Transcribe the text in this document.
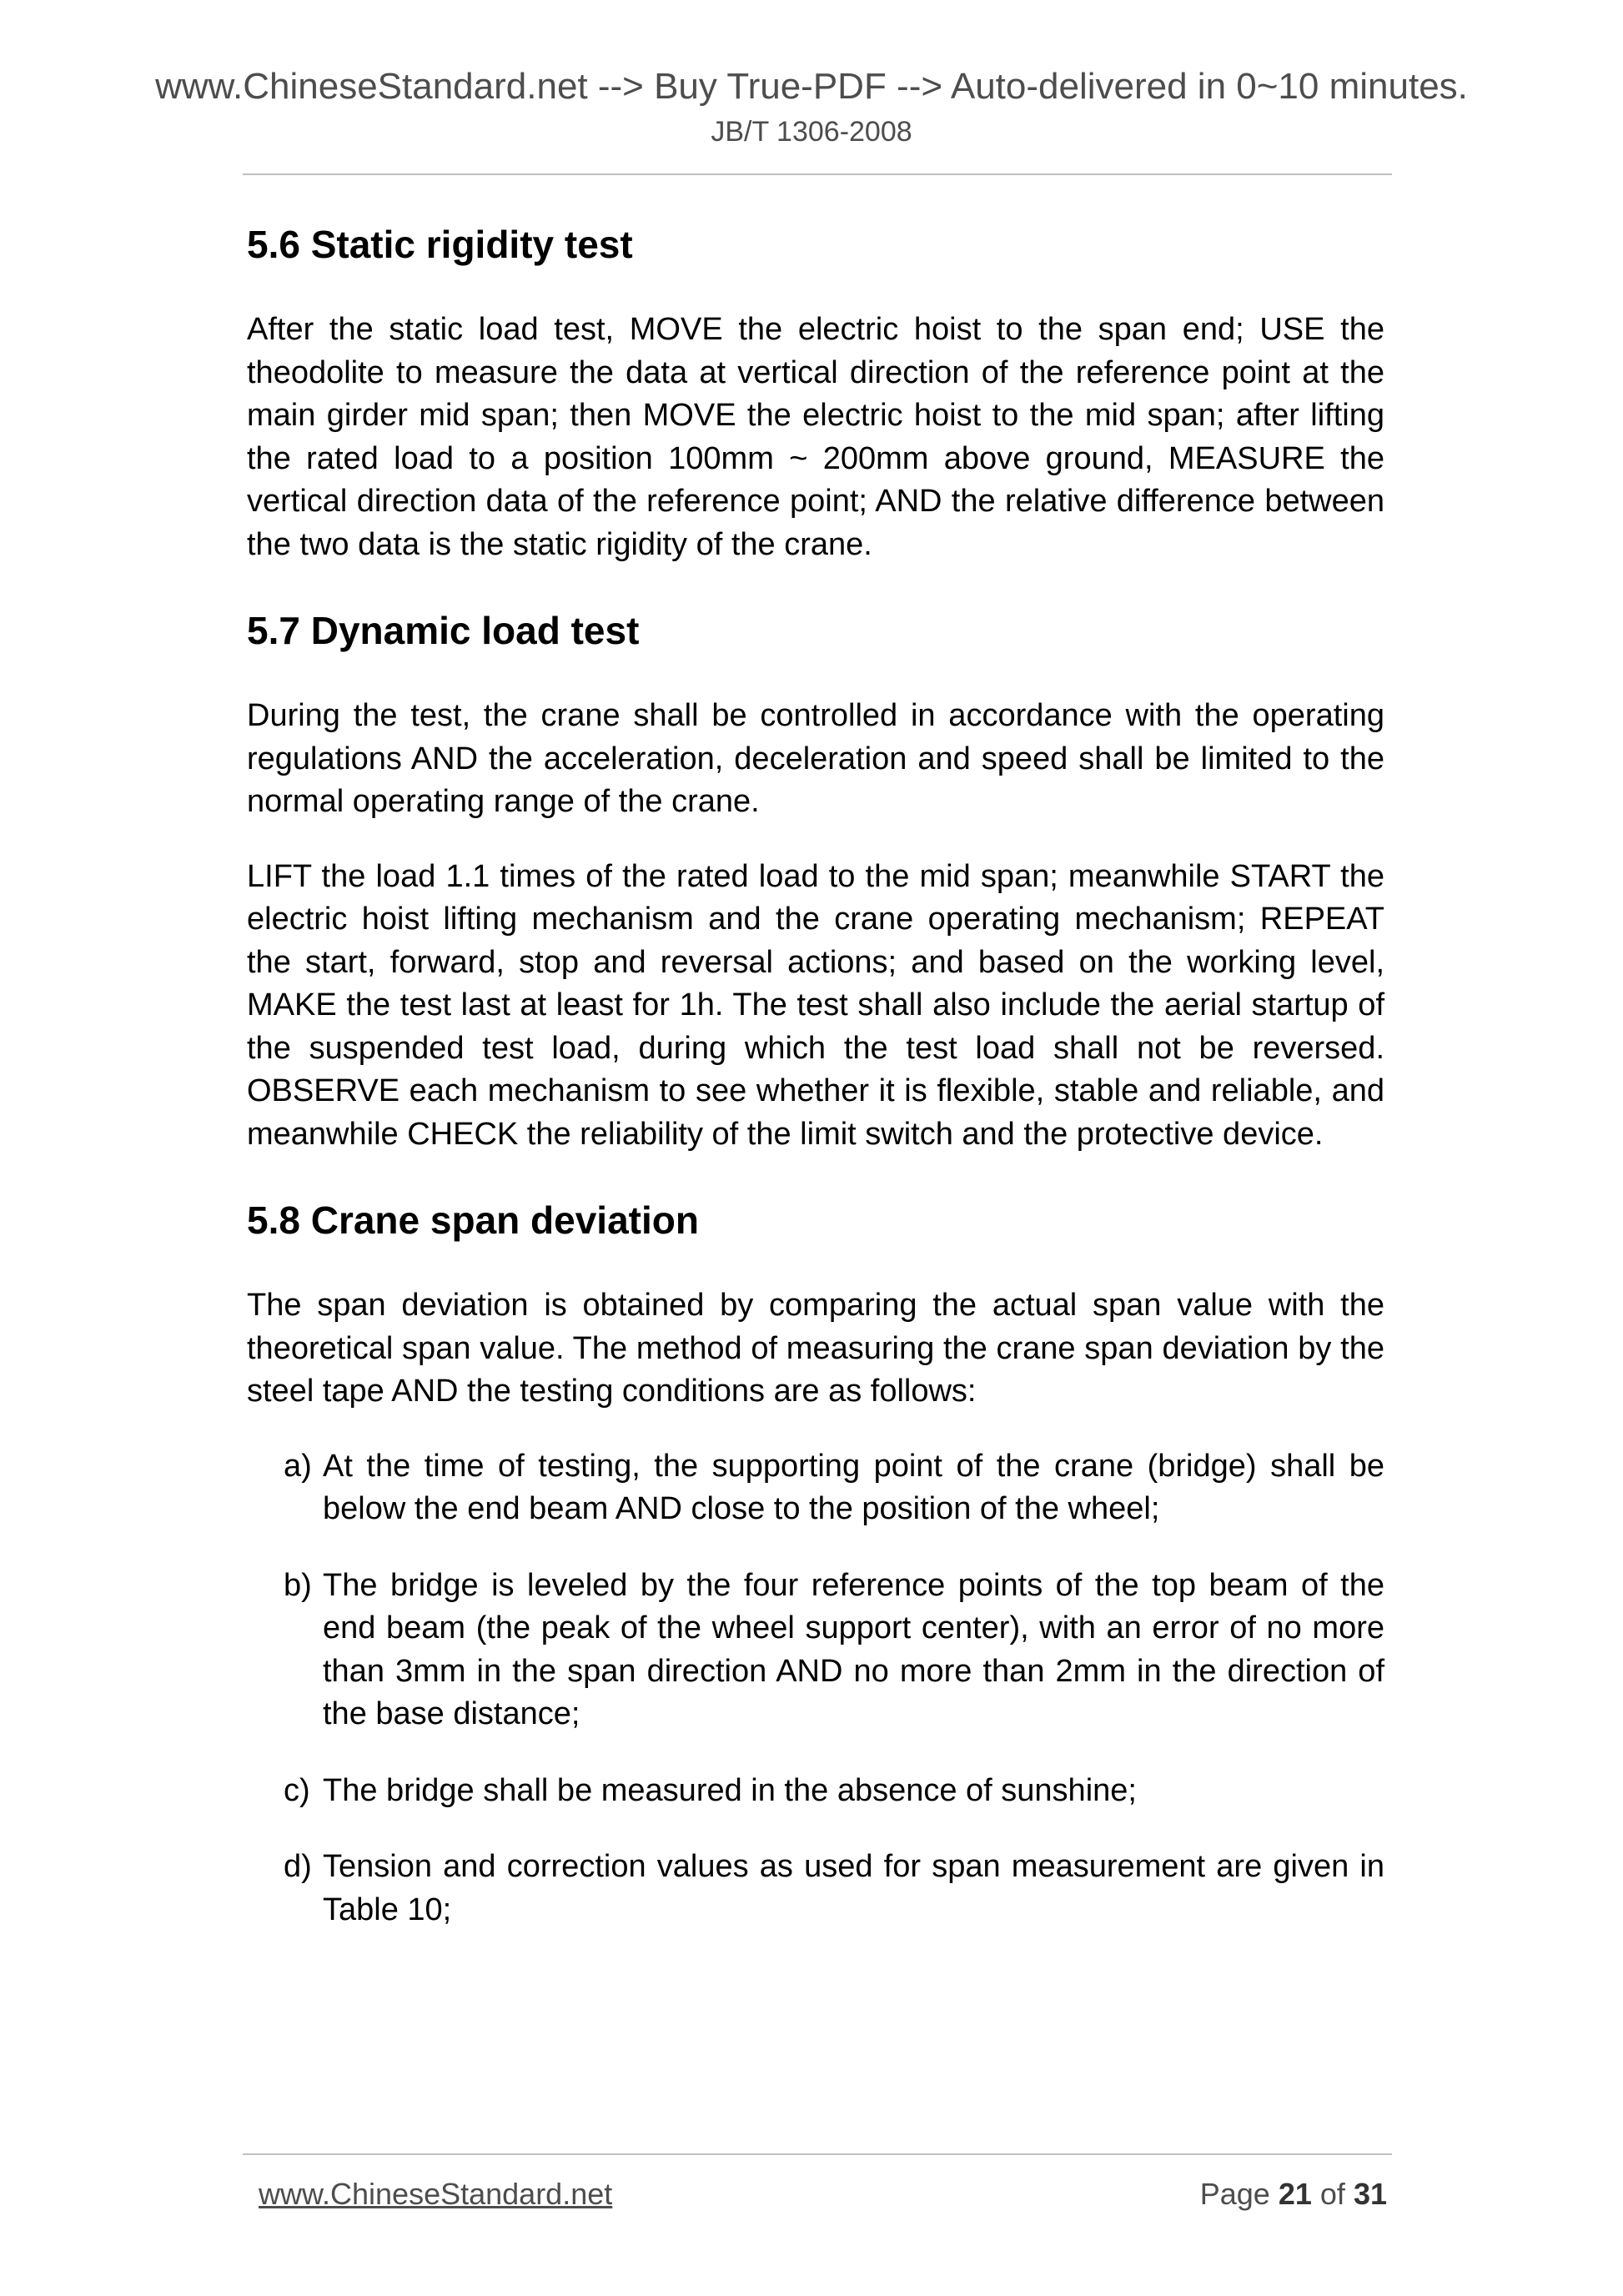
www.ChineseStandard.net --> Buy True-PDF --> Auto-delivered in 0~10 minutes.
JB/T 1306-2008
5.6 Static rigidity test

After the static load test, MOVE the electric hoist to the span end; USE the theodolite to measure the data at vertical direction of the reference point at the main girder mid span; then MOVE the electric hoist to the mid span; after lifting the rated load to a position 100mm ~ 200mm above ground, MEASURE the vertical direction data of the reference point; AND the relative difference between the two data is the static rigidity of the crane.

5.7 Dynamic load test

During the test, the crane shall be controlled in accordance with the operating regulations AND the acceleration, deceleration and speed shall be limited to the normal operating range of the crane.

LIFT the load 1.1 times of the rated load to the mid span; meanwhile START the electric hoist lifting mechanism and the crane operating mechanism; REPEAT the start, forward, stop and reversal actions; and based on the working level, MAKE the test last at least for 1h. The test shall also include the aerial startup of the suspended test load, during which the test load shall not be reversed. OBSERVE each mechanism to see whether it is flexible, stable and reliable, and meanwhile CHECK the reliability of the limit switch and the protective device.

5.8 Crane span deviation

The span deviation is obtained by comparing the actual span value with the theoretical span value. The method of measuring the crane span deviation by the steel tape AND the testing conditions are as follows:

a) At the time of testing, the supporting point of the crane (bridge) shall be below the end beam AND close to the position of the wheel;
b) The bridge is leveled by the four reference points of the top beam of the end beam (the peak of the wheel support center), with an error of no more than 3mm in the span direction AND no more than 2mm in the direction of the base distance;
c) The bridge shall be measured in the absence of sunshine;
d) Tension and correction values as used for span measurement are given in Table 10;
www.ChineseStandard.net	Page 21 of 31
